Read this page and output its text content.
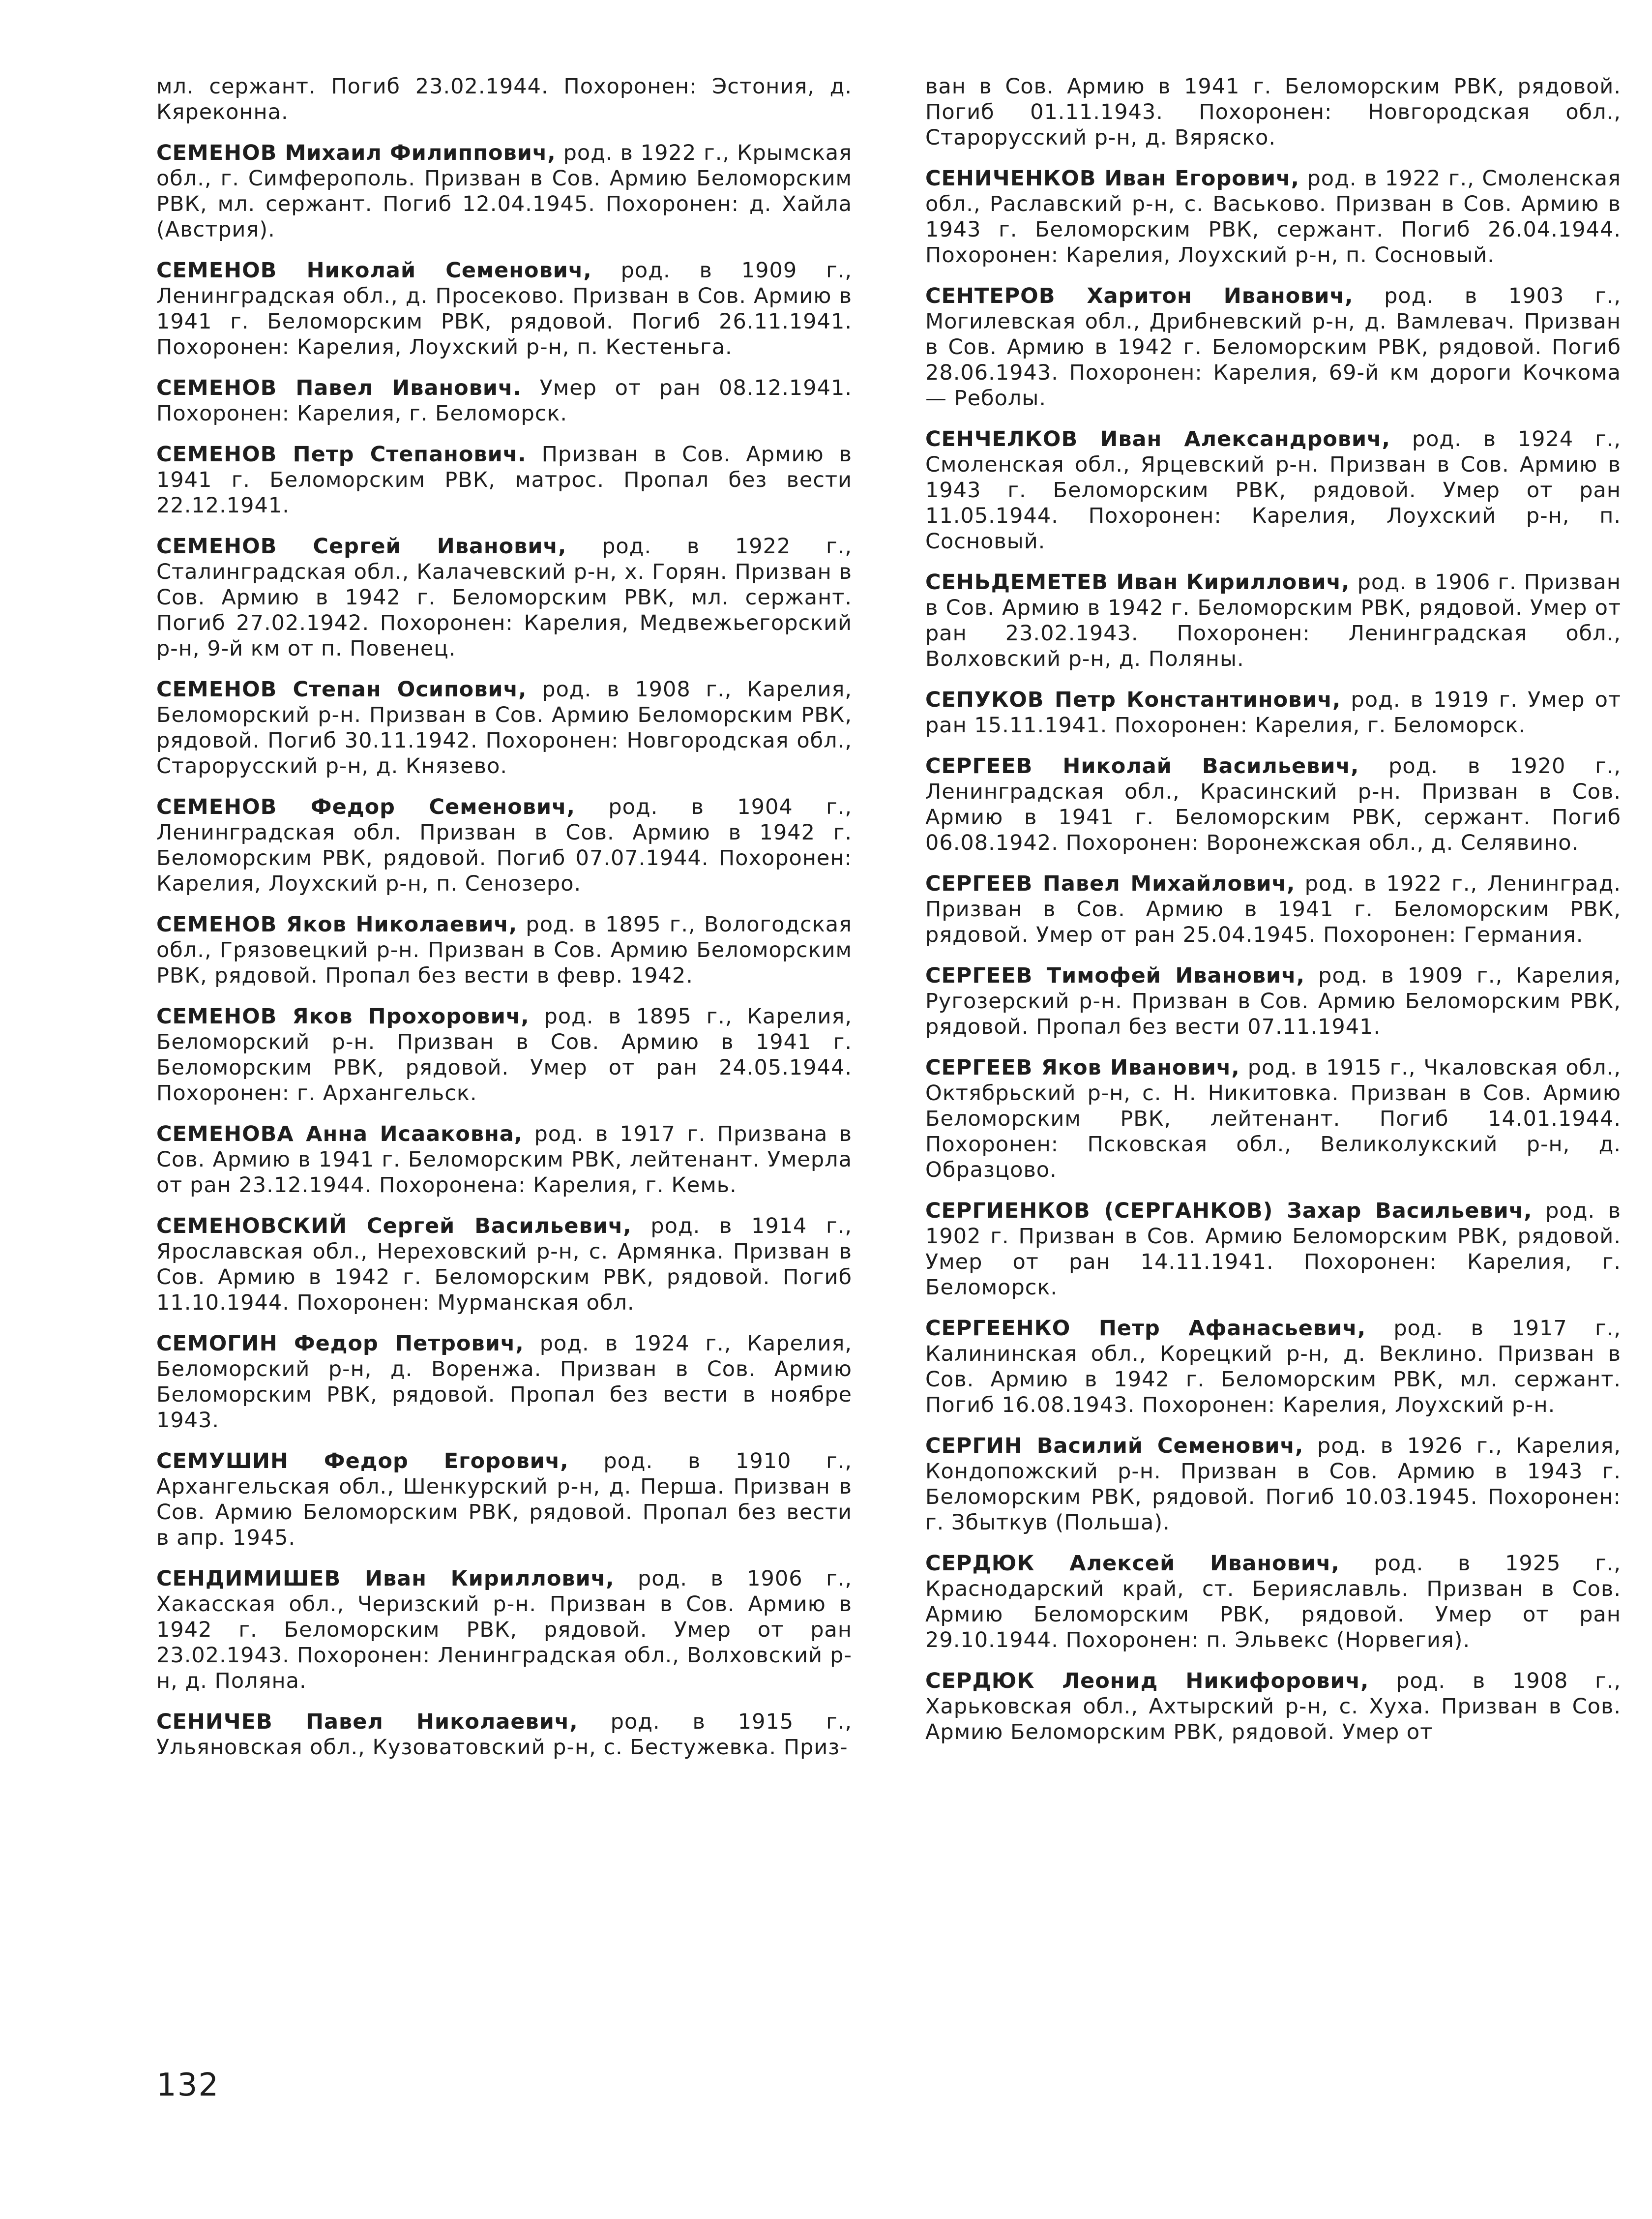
мл. сержант. Погиб 23.02.1944. Похоронен: Эстония, д. Кяреконна.

СЕМЕНОВ Михаил Филиппович, род. в 1922 г., Крымская обл., г. Симферополь. Призван в Сов. Армию Беломорским РВК, мл. сержант. Погиб 12.04.1945. Похоронен: д. Хайла (Австрия).

СЕМЕНОВ Николай Семенович, род. в 1909 г., Ленинградская обл., д. Просеково. Призван в Сов. Армию в 1941 г. Беломорским РВК, рядовой. Погиб 26.11.1941. Похоронен: Карелия, Лоухский р-н, п. Кестеньга.

СЕМЕНОВ Павел Иванович. Умер от ран 08.12.1941. Похоронен: Карелия, г. Беломорск.

СЕМЕНОВ Петр Степанович. Призван в Сов. Армию в 1941 г. Беломорским РВК, матрос. Пропал без вести 22.12.1941.

СЕМЕНОВ Сергей Иванович, род. в 1922 г., Сталинградская обл., Калачевский р-н, х. Горян. Призван в Сов. Армию в 1942 г. Беломорским РВК, мл. сержант. Погиб 27.02.1942. Похоронен: Карелия, Медвежьегорский р-н, 9-й км от п. Повенец.

СЕМЕНОВ Степан Осипович, род. в 1908 г., Карелия, Беломорский р-н. Призван в Сов. Армию Беломорским РВК, рядовой. Погиб 30.11.1942. Похоронен: Новгородская обл., Старорусский р-н, д. Князево.

СЕМЕНОВ Федор Семенович, род. в 1904 г., Ленинградская обл. Призван в Сов. Армию в 1942 г. Беломорским РВК, рядовой. Погиб 07.07.1944. Похоронен: Карелия, Лоухский р-н, п. Сенозеро.

СЕМЕНОВ Яков Николаевич, род. в 1895 г., Вологодская обл., Грязовецкий р-н. Призван в Сов. Армию Беломорским РВК, рядовой. Пропал без вести в февр. 1942.

СЕМЕНОВ Яков Прохорович, род. в 1895 г., Карелия, Беломорский р-н. Призван в Сов. Армию в 1941 г. Беломорским РВК, рядовой. Умер от ран 24.05.1944. Похоронен: г. Архангельск.

СЕМЕНОВА Анна Исааковна, род. в 1917 г. Призвана в Сов. Армию в 1941 г. Беломорским РВК, лейтенант. Умерла от ран 23.12.1944. Похоронена: Карелия, г. Кемь.

СЕМЕНОВСКИЙ Сергей Васильевич, род. в 1914 г., Ярославская обл., Нереховский р-н, с. Армянка. Призван в Сов. Армию в 1942 г. Беломорским РВК, рядовой. Погиб 11.10.1944. Похоронен: Мурманская обл.

СЕМОГИН Федор Петрович, род. в 1924 г., Карелия, Беломорский р-н, д. Воренжа. Призван в Сов. Армию Беломорским РВК, рядовой. Пропал без вести в ноябре 1943.

СЕМУШИН Федор Егорович, род. в 1910 г., Архангельская обл., Шенкурский р-н, д. Перша. Призван в Сов. Армию Беломорским РВК, рядовой. Пропал без вести в апр. 1945.

СЕНДИМИШЕВ Иван Кириллович, род. в 1906 г., Хакасская обл., Черизский р-н. Призван в Сов. Армию в 1942 г. Беломорским РВК, рядовой. Умер от ран 23.02.1943. Похоронен: Ленинградская обл., Волховский р-н, д. Поляна.

СЕНИЧЕВ Павел Николаевич, род. в 1915 г., Ульяновская обл., Кузоватовский р-н, с. Бестужевка. Приз-

ван в Сов. Армию в 1941 г. Беломорским РВК, рядовой. Погиб 01.11.1943. Похоронен: Новгородская обл., Старорусский р-н, д. Вяряско.

СЕНИЧЕНКОВ Иван Егорович, род. в 1922 г., Смоленская обл., Раславский р-н, с. Васьково. Призван в Сов. Армию в 1943 г. Беломорским РВК, сержант. Погиб 26.04.1944. Похоронен: Карелия, Лоухский р-н, п. Сосновый.

СЕНТЕРОВ Харитон Иванович, род. в 1903 г., Могилевская обл., Дрибневский р-н, д. Вамлевач. Призван в Сов. Армию в 1942 г. Беломорским РВК, рядовой. Погиб 28.06.1943. Похоронен: Карелия, 69-й км дороги Кочкома — Реболы.

СЕНЧЕЛКОВ Иван Александрович, род. в 1924 г., Смоленская обл., Ярцевский р-н. Призван в Сов. Армию в 1943 г. Беломорским РВК, рядовой. Умер от ран 11.05.1944. Похоронен: Карелия, Лоухский р-н, п. Сосновый.

СЕНЬДЕМЕТЕВ Иван Кириллович, род. в 1906 г. Призван в Сов. Армию в 1942 г. Беломорским РВК, рядовой. Умер от ран 23.02.1943. Похоронен: Ленинградская обл., Волховский р-н, д. Поляны.

СЕПУКОВ Петр Константинович, род. в 1919 г. Умер от ран 15.11.1941. Похоронен: Карелия, г. Беломорск.

СЕРГЕЕВ Николай Васильевич, род. в 1920 г., Ленинградская обл., Красинский р-н. Призван в Сов. Армию в 1941 г. Беломорским РВК, сержант. Погиб 06.08.1942. Похоронен: Воронежская обл., д. Селявино.

СЕРГЕЕВ Павел Михайлович, род. в 1922 г., Ленинград. Призван в Сов. Армию в 1941 г. Беломорским РВК, рядовой. Умер от ран 25.04.1945. Похоронен: Германия.

СЕРГЕЕВ Тимофей Иванович, род. в 1909 г., Карелия, Ругозерский р-н. Призван в Сов. Армию Беломорским РВК, рядовой. Пропал без вести 07.11.1941.

СЕРГЕЕВ Яков Иванович, род. в 1915 г., Чкаловская обл., Октябрьский р-н, с. Н. Никитовка. Призван в Сов. Армию Беломорским РВК, лейтенант. Погиб 14.01.1944. Похоронен: Псковская обл., Великолукский р-н, д. Образцово.

СЕРГИЕНКОВ (СЕРГАНКОВ) Захар Васильевич, род. в 1902 г. Призван в Сов. Армию Беломорским РВК, рядовой. Умер от ран 14.11.1941. Похоронен: Карелия, г. Беломорск.

СЕРГЕЕНКО Петр Афанасьевич, род. в 1917 г., Калининская обл., Корецкий р-н, д. Веклино. Призван в Сов. Армию в 1942 г. Беломорским РВК, мл. сержант. Погиб 16.08.1943. Похоронен: Карелия, Лоухский р-н.

СЕРГИН Василий Семенович, род. в 1926 г., Карелия, Кондопожский р-н. Призван в Сов. Армию в 1943 г. Беломорским РВК, рядовой. Погиб 10.03.1945. Похоронен: г. Збыткув (Польша).

СЕРДЮК Алексей Иванович, род. в 1925 г., Краснодарский край, ст. Берияславль. Призван в Сов. Армию Беломорским РВК, рядовой. Умер от ран 29.10.1944. Похоронен: п. Эльвекс (Норвегия).

СЕРДЮК Леонид Никифорович, род. в 1908 г., Харьковская обл., Ахтырский р-н, с. Хуха. Призван в Сов. Армию Беломорским РВК, рядовой. Умер от

132
